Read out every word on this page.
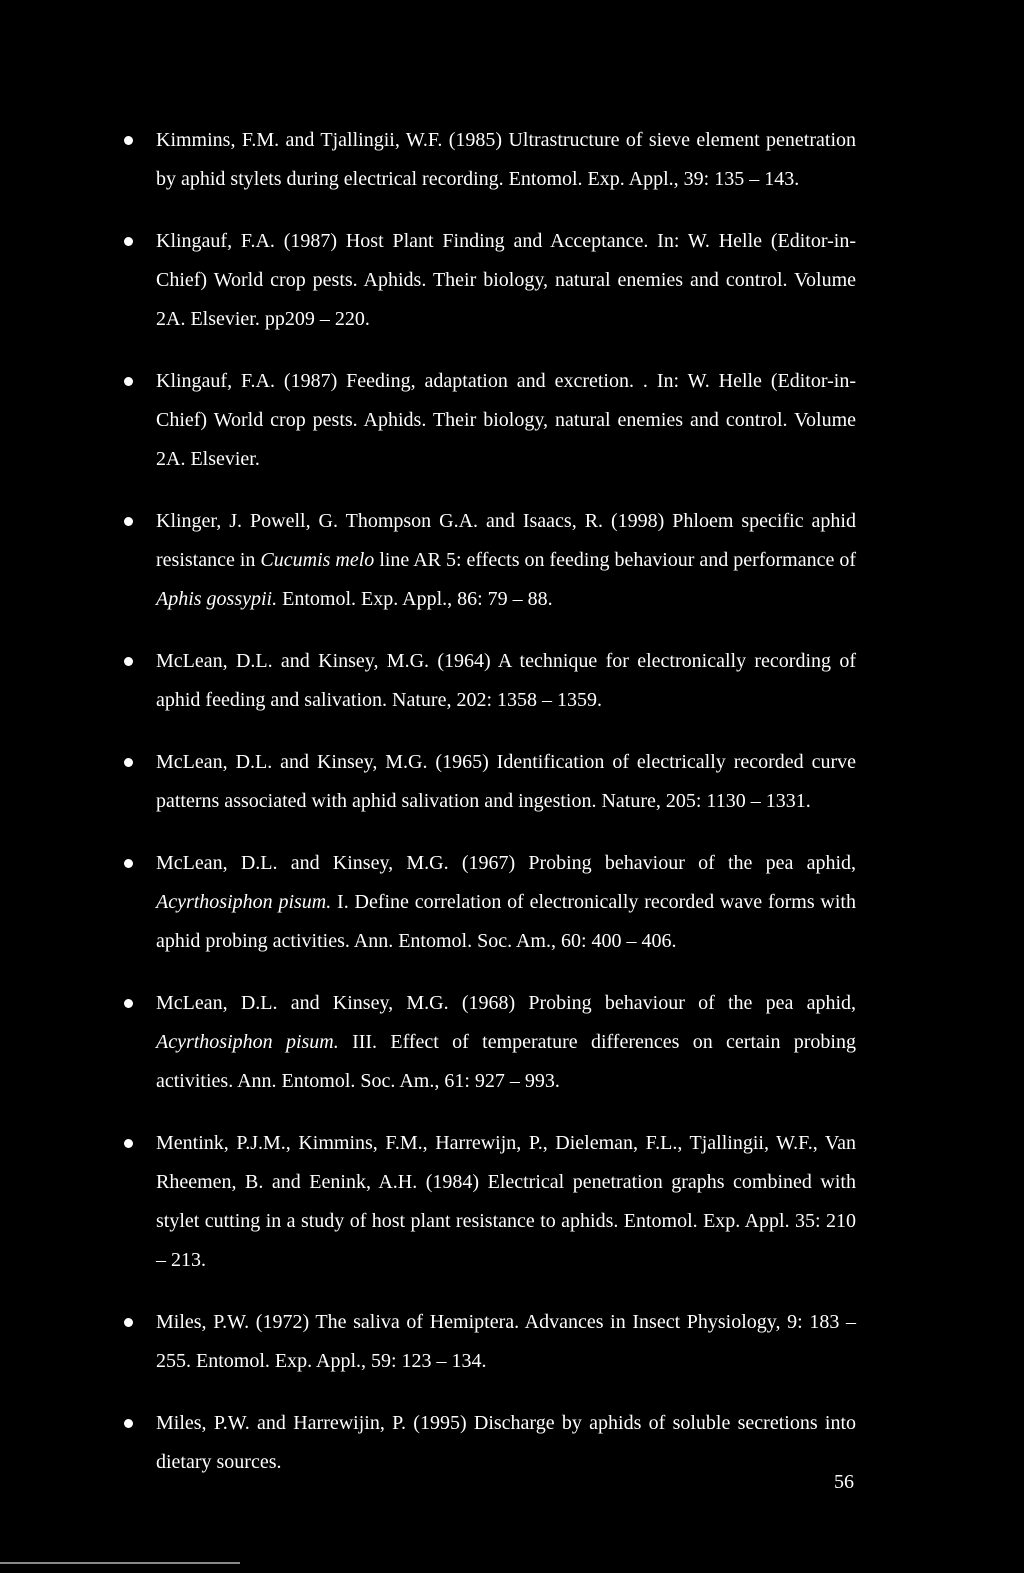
Kimmins, F.M. and Tjallingii, W.F. (1985) Ultrastructure of sieve element penetration by aphid stylets during electrical recording. Entomol. Exp. Appl., 39: 135 – 143.
Klingauf, F.A. (1987) Host Plant Finding and Acceptance. In: W. Helle (Editor-in-Chief) World crop pests. Aphids. Their biology, natural enemies and control. Volume 2A. Elsevier. pp209 – 220.
Klingauf, F.A. (1987) Feeding, adaptation and excretion. . In: W. Helle (Editor-in-Chief) World crop pests. Aphids. Their biology, natural enemies and control. Volume 2A. Elsevier.
Klinger, J. Powell, G. Thompson G.A. and Isaacs, R. (1998) Phloem specific aphid resistance in Cucumis melo line AR 5: effects on feeding behaviour and performance of Aphis gossypii. Entomol. Exp. Appl., 86: 79 – 88.
McLean, D.L. and Kinsey, M.G. (1964) A technique for electronically recording of aphid feeding and salivation. Nature, 202: 1358 – 1359.
McLean, D.L. and Kinsey, M.G. (1965) Identification of electrically recorded curve patterns associated with aphid salivation and ingestion. Nature, 205: 1130 – 1331.
McLean, D.L. and Kinsey, M.G. (1967) Probing behaviour of the pea aphid, Acyrthosiphon pisum. I. Define correlation of electronically recorded wave forms with aphid probing activities. Ann. Entomol. Soc. Am., 60: 400 – 406.
McLean, D.L. and Kinsey, M.G. (1968) Probing behaviour of the pea aphid, Acyrthosiphon pisum. III. Effect of temperature differences on certain probing activities. Ann. Entomol. Soc. Am., 61: 927 – 993.
Mentink, P.J.M., Kimmins, F.M., Harrewijn, P., Dieleman, F.L., Tjallingii, W.F., Van Rheemen, B. and Eenink, A.H. (1984) Electrical penetration graphs combined with stylet cutting in a study of host plant resistance to aphids. Entomol. Exp. Appl. 35: 210 – 213.
Miles, P.W. (1972) The saliva of Hemiptera. Advances in Insect Physiology, 9: 183 – 255. Entomol. Exp. Appl., 59: 123 – 134.
Miles, P.W. and Harrewijin, P. (1995) Discharge by aphids of soluble secretions into dietary sources.
56
